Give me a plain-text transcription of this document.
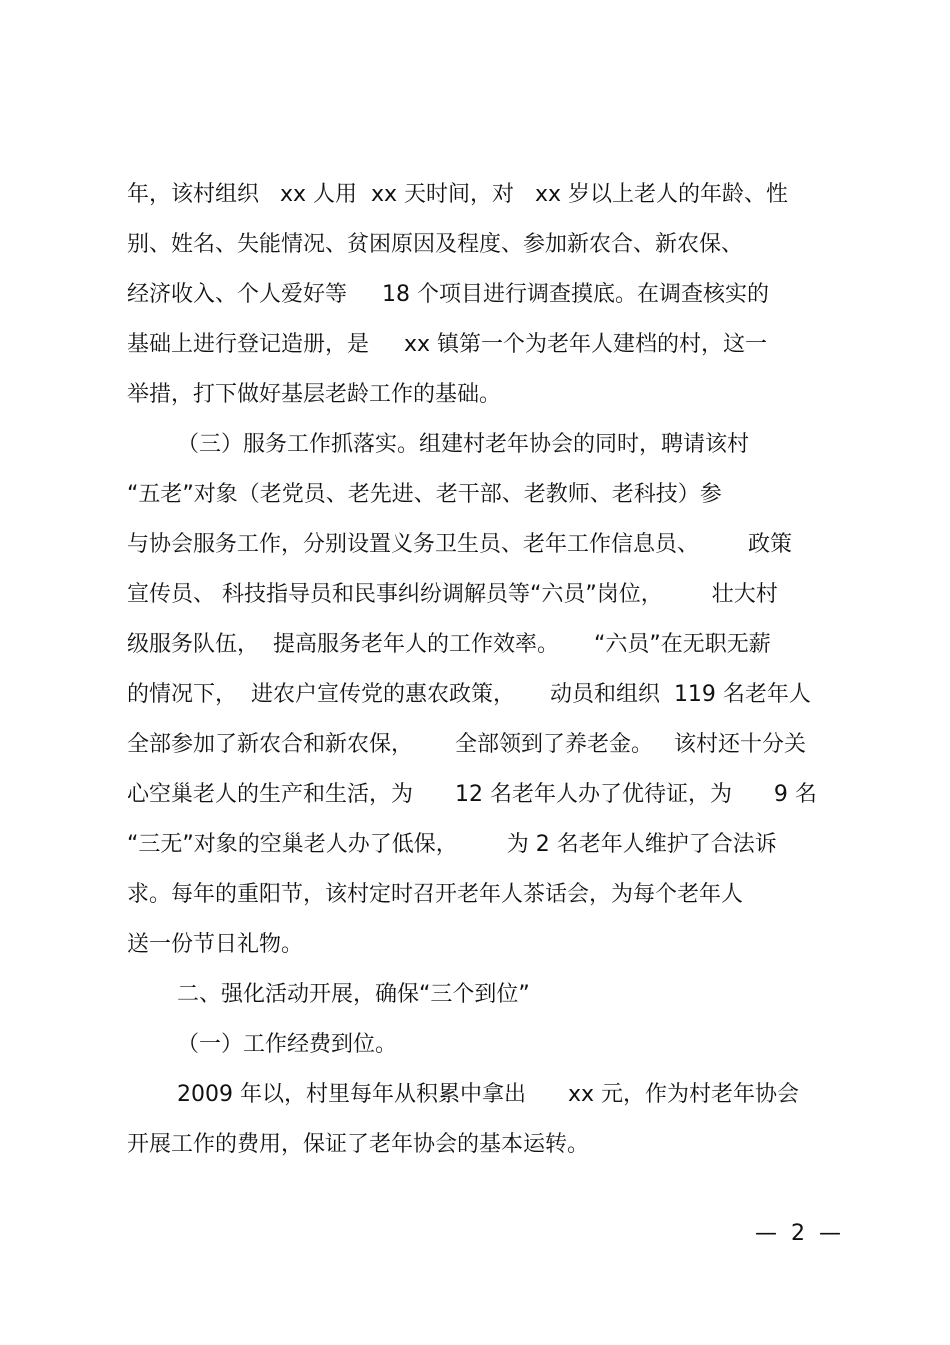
年，该村组织   xx 人用  xx 天时间，对   xx 岁以上老人的年龄、性
别、姓名、失能情况、贫困原因及程度、参加新农合、新农保、
经济收入、个人爱好等     18 个项目进行调查摸底。在调查核实的
基础上进行登记造册，是     xx 镇第一个为老年人建档的村，这一
举措，打下做好基层老龄工作的基础。
（三）服务工作抓落实。组建村老年协会的同时，聘请该村
“五老”对象（老党员、老先进、老干部、老教师、老科技）参
与协会服务工作，分别设置义务卫生员、老年工作信息员、       政策
宣传员、 科技指导员和民事纠纷调解员等“六员”岗位，       壮大村
级服务队伍，  提高服务老年人的工作效率。     “六员”在无职无薪
的情况下，  进农户宣传党的惠农政策，     动员和组织  119 名老年人
全部参加了新农合和新农保，      全部领到了养老金。   该村还十分关
心空巢老人的生产和生活，为      12 名老年人办了优待证，为      9 名
“三无”对象的空巢老人办了低保，       为 2 名老年人维护了合法诉
求。每年的重阳节，该村定时召开老年人茶话会，为每个老年人
送一份节日礼物。
二、强化活动开展，确保“三个到位”
（一）工作经费到位。
2009 年以，村里每年从积累中拿出      xx 元，作为村老年协会
开展工作的费用，保证了老年协会的基本运转。
—  2  —
